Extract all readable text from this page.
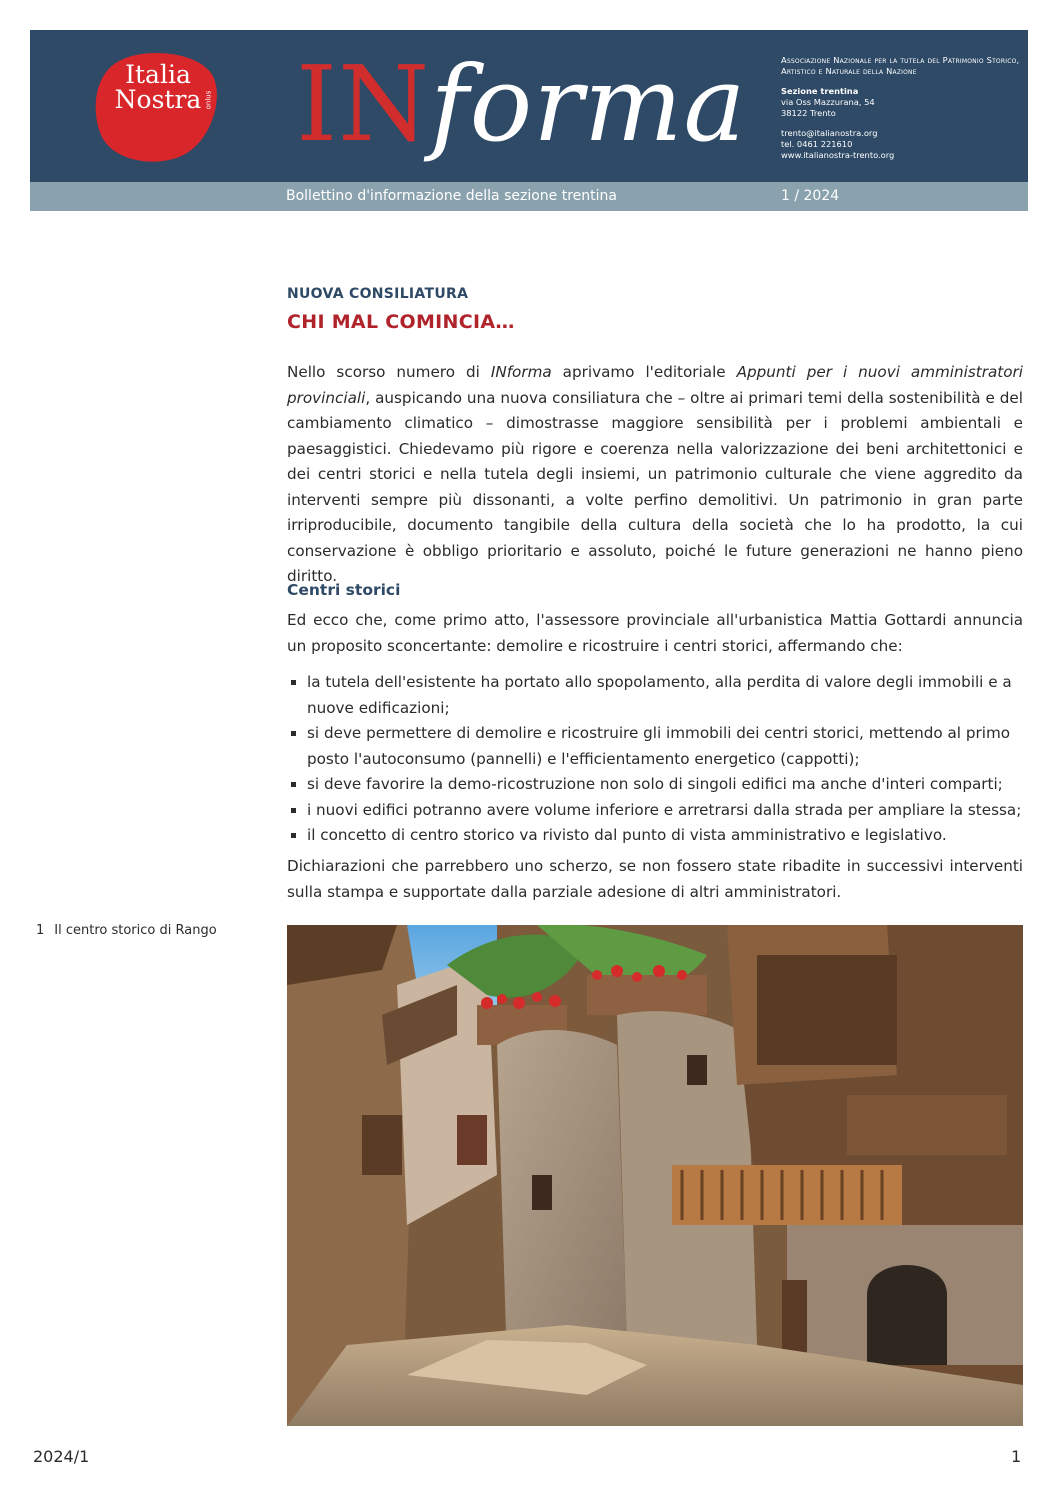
Italia
Nostra onlus INforma	Associazione Nazionale per la tutela del Patrimonio Storico, Artistico e Naturale della Nazione
Sezione trentina
via Oss Mazzurana, 54
38122 Trento
trento@italianostra.org
tel. 0461 221610
www.italianostra-trento.org
Bollettino d'informazione della sezione trentina	1 / 2024
NUOVA CONSILIATURA
CHI MAL COMINCIA…

Nello scorso numero di INforma aprivamo l'editoriale Appunti per i nuovi amministratori provinciali, auspicando una nuova consiliatura che – oltre ai primari temi della sostenibilità e del cambiamento climatico – dimostrasse maggiore sensibilità per i problemi ambientali e paesaggistici. Chiedevamo più rigore e coerenza nella valorizzazione dei beni architettonici e dei centri storici e nella tutela degli insiemi, un patrimonio culturale che viene aggredito da interventi sempre più dissonanti, a volte perfino demolitivi. Un patrimonio in gran parte irriproducibile, documento tangibile della cultura della società che lo ha prodotto, la cui conservazione è obbligo prioritario e assoluto, poiché le future generazioni ne hanno pieno diritto.

Centri storici

Ed ecco che, come primo atto, l'assessore provinciale all'urbanistica Mattia Gottardi annuncia un proposito sconcertante: demolire e ricostruire i centri storici, affermando che:

la tutela dell'esistente ha portato allo spopolamento, alla perdita di valore degli immobili e a nuove edificazioni;
si deve permettere di demolire e ricostruire gli immobili dei centri storici, mettendo al primo posto l'autoconsumo (pannelli) e l'efficientamento energetico (cappotti);
si deve favorire la demo-ricostruzione non solo di singoli edifici ma anche d'interi comparti;
i nuovi edifici potranno avere volume inferiore e arretrarsi dalla strada per ampliare la stessa;
il concetto di centro storico va rivisto dal punto di vista amministrativo e legislativo.

Dichiarazioni che parrebbero uno scherzo, se non fossero state ribadite in successivi interventi sulla stampa e supportate dalla parziale adesione di altri amministratori.

1 Il centro storico di Rango
2024/1	1
